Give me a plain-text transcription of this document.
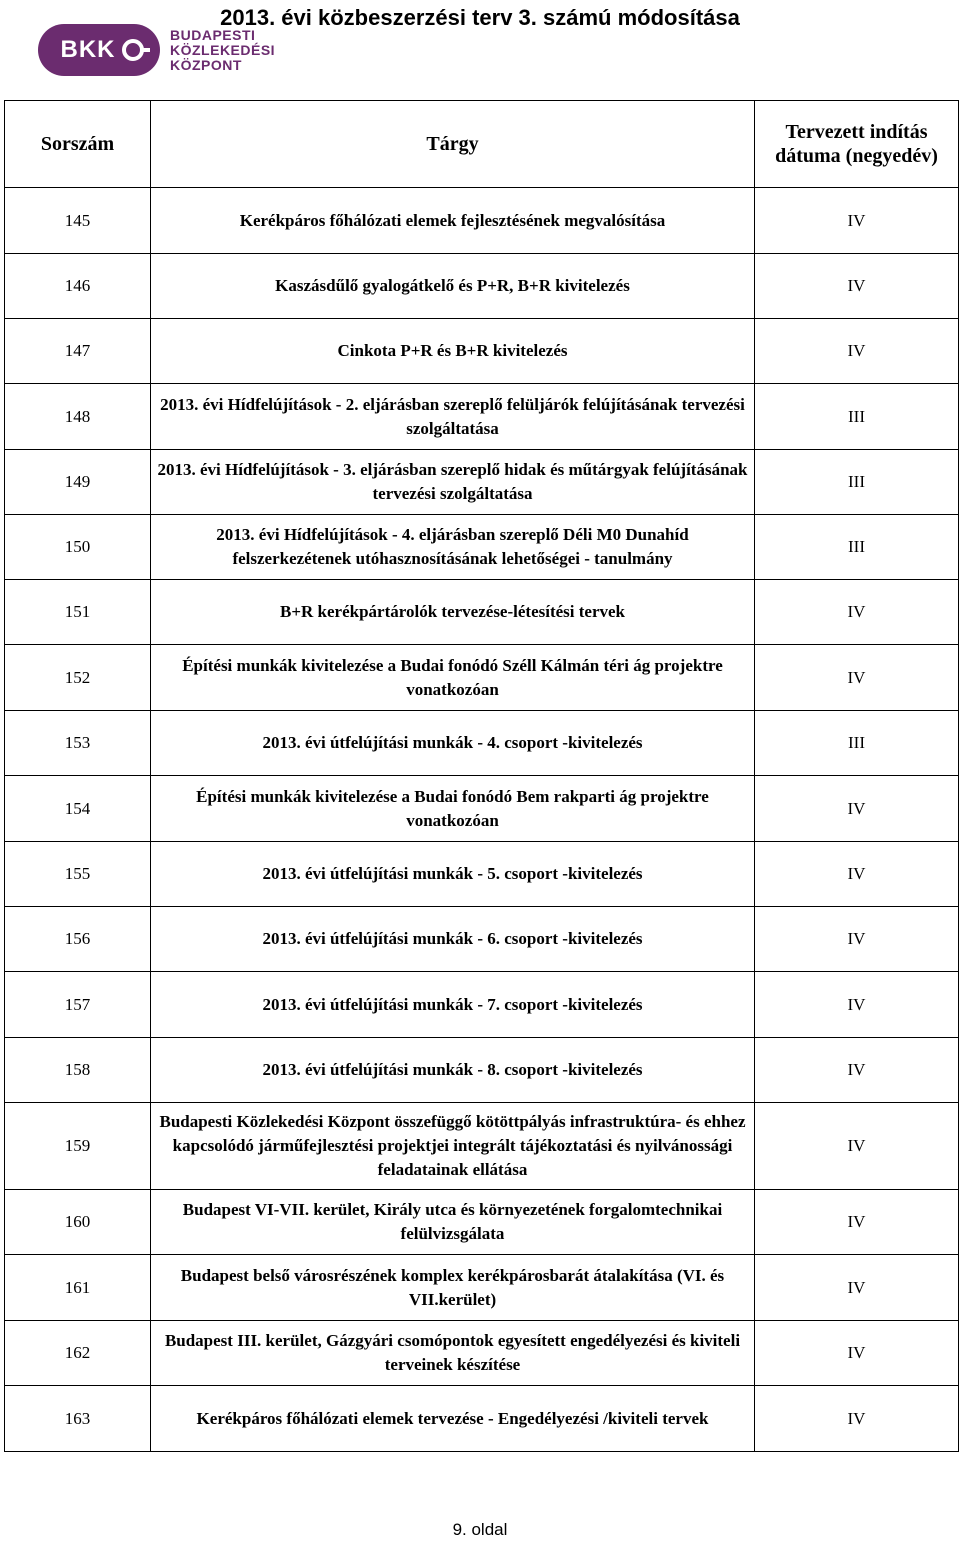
2013. évi közbeszerzési terv 3. számú módosítása
BKK
BUDAPESTI
KÖZLEKEDÉSI
KÖZPONT
Sorszám	Tárgy	Tervezett indítás dátuma (negyedév)
145	Kerékpáros főhálózati elemek fejlesztésének megvalósítása	IV
146	Kaszásdűlő gyalogátkelő és P+R, B+R kivitelezés	IV
147	Cinkota P+R és B+R kivitelezés	IV
148	2013. évi Hídfelújítások - 2. eljárásban szereplő felüljárók felújításának tervezési szolgáltatása	III
149	2013. évi Hídfelújítások - 3. eljárásban szereplő hidak és műtárgyak felújításának tervezési szolgáltatása	III
150	2013. évi Hídfelújítások - 4. eljárásban szereplő Déli M0 Dunahíd felszerkezétenek utóhasznosításának lehetőségei - tanulmány	III
151	B+R kerékpártárolók tervezése-létesítési tervek	IV
152	Építési munkák kivitelezése a Budai fonódó Széll Kálmán téri ág projektre vonatkozóan	IV
153	2013. évi útfelújítási munkák - 4. csoport -kivitelezés	III
154	Építési munkák kivitelezése a Budai fonódó Bem rakparti ág projektre vonatkozóan	IV
155	2013. évi útfelújítási munkák - 5. csoport -kivitelezés	IV
156	2013. évi útfelújítási munkák - 6. csoport -kivitelezés	IV
157	2013. évi útfelújítási munkák - 7. csoport -kivitelezés	IV
158	2013. évi útfelújítási munkák - 8. csoport -kivitelezés	IV
159	Budapesti Közlekedési Központ összefüggő kötöttpályás infrastruktúra- és ehhez kapcsolódó járműfejlesztési projektjei integrált tájékoztatási és nyilvánossági feladatainak ellátása	IV
160	Budapest VI-VII. kerület, Király utca és környezetének forgalomtechnikai felülvizsgálata	IV
161	Budapest belső városrészének komplex kerékpárosbarát átalakítása (VI. és VII.kerület)	IV
162	Budapest III. kerület, Gázgyári csomópontok egyesített engedélyezési és kiviteli terveinek készítése	IV
163	Kerékpáros főhálózati elemek tervezése - Engedélyezési /kiviteli tervek	IV
9. oldal
